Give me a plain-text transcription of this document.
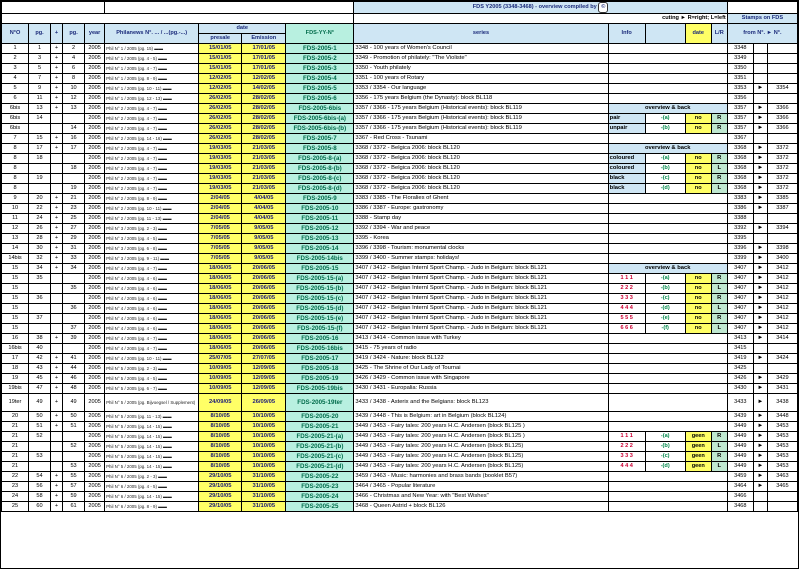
									FDS Y2005 (3348-3468) - overview compiled by ©							
									cuting ► R=right; L=left					Stamps on FDS		
N°O	pg.	+	pg.	year	Philanews N°. ... / ...(pg.-...)	date		FDS-YY-N°	series	Info		date	L/R	from N°. ► N°.		
						presale	Emission									
1	1	+	2	2005	Phil N° 1 / 2005 (pg. 15) ▬▬	15/01/05	17/01/05	FDS-2005-1	3348 - 100 years of Women's Council					3348		
2	3	+	4	2005	Phil N° 1 / 2005 (pg. 4 - 5) ▬▬	15/01/05	17/01/05	FDS-2005-2	3349 - Promotion of philately: "The Violiste"					3349		
3	5	+	6	2005	Phil N° 1 / 2005 (pg. 4 - 7) ▬▬	15/01/05	17/01/05	FDS-2005-3	3350 - Youth philately					3350		
4	7	+	8	2005	Phil N° 1 / 2005 (pg. 8 - 9) ▬▬	12/02/05	12/02/05	FDS-2005-4	3351 - 100 years of Rotary					3351		
5	9	+	10	2005	Phil N° 1 / 2005 (pg. 10 - 11) ▬▬	12/02/05	14/02/05	FDS-2005-5	3353 / 3354 - Our language					3353	►	3354
6	11	+	12	2005	Phil N° 1 / 2005 (pg. 12 - 13) ▬▬	26/02/05	28/02/05	FDS-2005-6	3356 - 175 years Belgium (the Dynasty): block BL118					3356		
6bis	13	+	13	2005	Phil N° 2 / 2005 (pg. 4 - 7) ▬▬	26/02/05	28/02/05	FDS-2005-6bis	3357 / 3366 - 175 years Belgium (Historical events): block BL119	overview & back				3357	►	3366
6bis	14			2005	Phil N° 2 / 2005 (pg. 4 - 7) ▬▬	26/02/05	28/02/05	FDS-2005-6bis-(a)	3357 / 3366 - 175 years Belgium (Historical events): block BL119	pair	-(a)	no	R	3357	►	3366
6bis			14	2005	Phil N° 2 / 2005 (pg. 4 - 7) ▬▬	26/02/05	28/02/05	FDS-2005-6bis-(b)	3357 / 3366 - 175 years Belgium (Historical events): block BL119	unpair	-(b)	no	R	3357	►	3366
7	15	+	16	2005	Phil N° 2 / 2005 (pg. 14 - 16) ▬▬	26/02/05	28/02/05	FDS-2005-7	3367 - Red Cross - Tsunami					3367		
8	17	+	17	2005	Phil N° 2 / 2005 (pg. 4 - 7) ▬▬	19/03/05	21/03/05	FDS-2005-8	3368 / 3372 - Belgica 2006: block BL120	overview & back				3368	►	3372
8	18			2005	Phil N° 2 / 2005 (pg. 4 - 7) ▬▬	19/03/05	21/03/05	FDS-2005-8-(a)	3368 / 3372 - Belgica 2006: block BL120	coloured	-(a)	no	R	3368	►	3372
8			18	2005	Phil N° 2 / 2005 (pg. 4 - 7) ▬▬	19/03/05	21/03/05	FDS-2005-8-(b)	3368 / 3372 - Belgica 2006: block BL120	coloured	-(b)	no	L	3368	►	3372
8	19			2005	Phil N° 2 / 2005 (pg. 4 - 7) ▬▬	19/03/05	21/03/05	FDS-2005-8-(c)	3368 / 3372 - Belgica 2006: block BL120	black	-(c)	no	R	3368	►	3372
8			19	2005	Phil N° 2 / 2005 (pg. 4 - 7) ▬▬	19/03/05	21/03/05	FDS-2005-8-(d)	3368 / 3372 - Belgica 2006: block BL120	black	-(d)	no	L	3368	►	3372
9	20	+	21	2005	Phil N° 2 / 2005 (pg. 8 - 9) ▬▬	2/04/05	4/04/05	FDS-2005-9	3383 / 3385 - The Floralies of Ghent					3383	►	3385
10	22	+	23	2005	Phil N° 2 / 2005 (pg. 10 - 11) ▬▬	2/04/05	4/04/05	FDS-2005-10	3386 / 3387 - Europe: gastronomy					3386	►	3387
11	24	+	25	2005	Phil N° 2 / 2005 (pg. 11 - 13) ▬▬	2/04/05	4/04/05	FDS-2005-11	3388 - Stamp day					3388		
12	26	+	27	2005	Phil N° 3 / 2005 (pg. 2 - 3) ▬▬	7/05/05	9/05/05	FDS-2005-12	3392 / 3394 - War and peace					3392	►	3394
13	28	+	29	2005	Phil N° 3 / 2005 (pg. 4 - 5) ▬▬	7/05/05	9/05/05	FDS-2005-13	3395 - Korea					3395		
14	30	+	31	2005	Phil N° 3 / 2005 (pg. 6 - 8) ▬▬	7/05/05	9/05/05	FDS-2005-14	3396 / 3398 - Tourism: monumental clocks					3396	►	3398
14bis	32	+	33	2005	Phil N° 3 / 2005 (pg. 9 - 11) ▬▬	7/05/05	9/05/05	FDS-2005-14bis	3399 / 3400 - Summer stamps: holidays!					3399	►	3400
15	34	+	34	2005	Phil N° 4 / 2005 (pg. 4 - 7) ▬▬	18/06/05	20/06/05	FDS-2005-15	3407 / 3412 - Belgian Internl Sport Champ. - Judo in Belgium: block BL121	overview & back				3407	►	3412
15	35			2005	Phil N° 4 / 2005 (pg. 4 - 6) ▬▬	18/06/05	20/06/05	FDS-2005-15-(a)	3407 / 3412 - Belgian Internl Sport Champ. - Judo in Belgium: block BL121	1 1 1	-(a)	no	R	3407	►	3412
15			35	2005	Phil N° 4 / 2005 (pg. 4 - 6) ▬▬	18/06/05	20/06/05	FDS-2005-15-(b)	3407 / 3412 - Belgian Internl Sport Champ. - Judo in Belgium: block BL121	2 2 2	-(b)	no	L	3407	►	3412
15	36			2005	Phil N° 4 / 2005 (pg. 4 - 6) ▬▬	18/06/05	20/06/05	FDS-2005-15-(c)	3407 / 3412 - Belgian Internl Sport Champ. - Judo in Belgium: block BL121	3 3 3	-(c)	no	R	3407	►	3412
15			36	2005	Phil N° 4 / 2005 (pg. 4 - 6) ▬▬	18/06/05	20/06/05	FDS-2005-15-(d)	3407 / 3412 - Belgian Internl Sport Champ. - Judo in Belgium: block BL121	4 4 4	-(d)	no	L	3407	►	3412
15	37			2005	Phil N° 4 / 2005 (pg. 4 - 6) ▬▬	18/06/05	20/06/05	FDS-2005-15-(e)	3407 / 3412 - Belgian Internl Sport Champ. - Judo in Belgium: block BL121	5 5 5	-(e)	no	R	3407	►	3412
15			37	2005	Phil N° 4 / 2005 (pg. 4 - 6) ▬▬	18/06/05	20/06/05	FDS-2005-15-(f)	3407 / 3412 - Belgian Internl Sport Champ. - Judo in Belgium: block BL121	6 6 6	-(f)	no	L	3407	►	3412
16	38	+	39	2005	Phil N° 4 / 2005 (pg. 4 - 7) ▬▬	18/06/05	20/06/05	FDS-2005-16	3413 / 3414 - Common issue with Turkey					3413	►	3414
16bis	40			2005	Phil N° 4 / 2005 (pg. 4 - 7) ▬▬	18/06/05	20/06/05	FDS-2005-16bis	3415 - 75 years of radio					3415		
17	42	+	41	2005	Phil N° 4 / 2005 (pg. 10 - 11) ▬▬	25/07/05	27/07/05	FDS-2005-17	3419 / 3424 - Nature: block BL122					3419	►	3424
18	43	+	44	2005	Phil N° 5 / 2005 (pg. 2 - 3) ▬▬	10/09/05	12/09/05	FDS-2005-18	3425 - The Shrine of Our Lady of Tournai					3425		
19	45	+	46	2005	Phil N° 5 / 2005 (pg. 4 - 5) ▬▬	10/09/05	12/09/05	FDS-2005-19	3426 / 3429 - Common issue with Singapore					3426	►	3429
19bis	47	+	48	2005	Phil N° 5 / 2005 (pg. 6 - 7) ▬▬	10/09/05	12/09/05	FDS-2005-19bis	3430 / 3431 - Europalia: Russia					3430	►	3431
19ter	49	+	49	2005	Phil N° 5 / 2005 (pg. Bijvoegsel / Supplement)	24/09/05	26/09/05	FDS-2005-19ter	3433 / 3438 - Asterix and the Belgians: block BL123					3433	►	3438
20	50	+	50	2005	Phil N° 5 / 2005 (pg. 11 - 13) ▬▬	8/10/05	10/10/05	FDS-2005-20	3439 / 3448 - This is Belgium: art in Belgium (block BL124)					3439	►	3448
21	51	+	51	2005	Phil N° 5 / 2005 (pg. 14 - 15) ▬▬	8/10/05	10/10/05	FDS-2005-21	3449 / 3453 - Fairy tales: 200 years H.C. Andersen (block BL125 )					3449	►	3453
21	52			2005	Phil N° 5 / 2005 (pg. 14 - 15) ▬▬	8/10/05	10/10/05	FDS-2005-21-(a)	3449 / 3453 - Fairy tales: 200 years H.C. Andersen (block BL125 )	1 1 1	-(a)	geen	R	3449	►	3453
21			52	2005	Phil N° 5 / 2005 (pg. 14 - 15) ▬▬	8/10/05	10/10/05	FDS-2005-21-(b)	3449 / 3453 - Fairy tales: 200 years H.C. Andersen (block BL125)	2 2 2	-(b)	geen	L	3449	►	3453
21	53			2005	Phil N° 5 / 2005 (pg. 14 - 15) ▬▬	8/10/05	10/10/05	FDS-2005-21-(c)	3449 / 3453 - Fairy tales: 200 years H.C. Andersen (block BL125)	3 3 3	-(c)	geen	R	3449	►	3453
21			53	2005	Phil N° 5 / 2005 (pg. 14 - 15) ▬▬	8/10/05	10/10/05	FDS-2005-21-(d)	3449 / 3453 - Fairy tales: 200 years H.C. Andersen (block BL125)	4 4 4	-(d)	geen	L	3449	►	3453
22	54	+	55	2005	Phil N° 6 / 2005 (pg. 2 - 3) ▬▬	29/10/05	31/10/05	FDS-2005-22	3459 / 3463 - Music: harmonies and brass bands (booklet B57)					3459	►	3463
23	56	+	57	2005	Phil N° 6 / 2005 (pg. 4 - 5) ▬▬	29/10/05	31/10/05	FDS-2005-23	3464 / 3465 - Popular literature					3464	►	3465
24	58	+	59	2005	Phil N° 6 / 2005 (pg. 14 - 15) ▬▬	29/10/05	31/10/05	FDS-2005-24	3466 - Christmas and New Year: with "Best Wishes"					3466		
25	60	+	61	2005	Phil N° 6 / 2005 (pg. 8 - 9) ▬▬	29/10/05	31/10/05	FDS-2005-25	3468 - Queen Astrid + block BL126					3468		
